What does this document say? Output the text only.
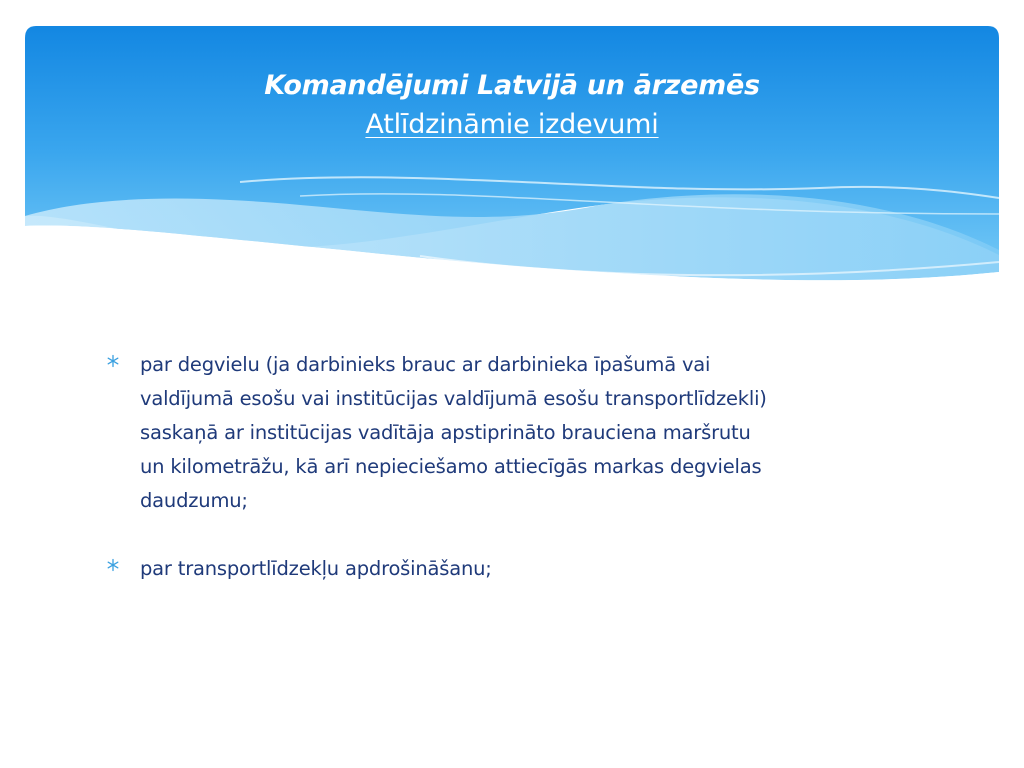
Komandējumi Latvijā un ārzemēs
Atlīdzināmie izdevumi
par degvielu (ja darbinieks brauc ar darbinieka īpašumā vai
valdījumā esošu vai institūcijas valdījumā esošu transportlīdzekli)
saskaņā ar institūcijas vadītāja apstiprināto brauciena maršrutu
un kilometrāžu, kā arī nepieciešamo attiecīgās markas degvielas
daudzumu;
par transportlīdzekļu apdrošināšanu;
